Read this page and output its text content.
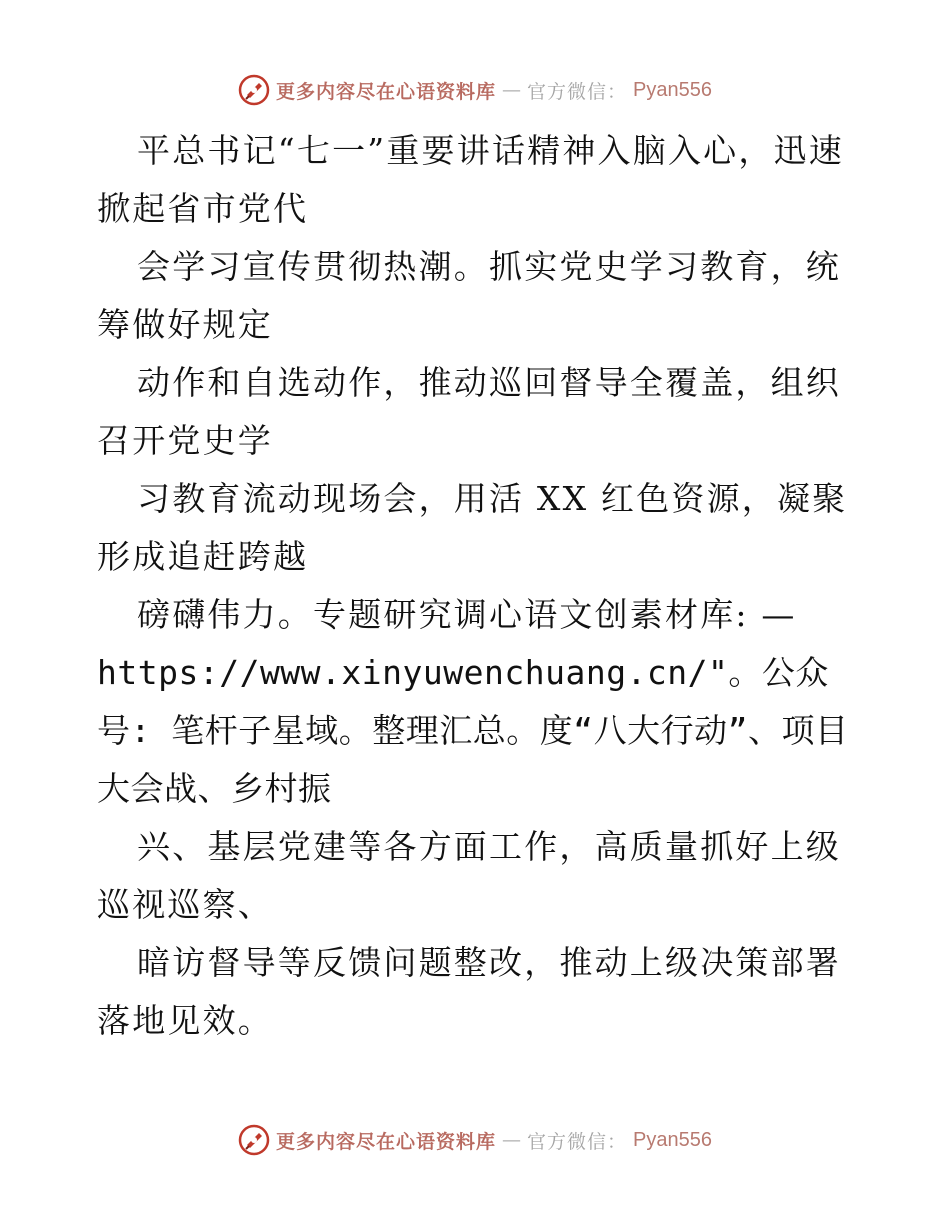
更多内容尽在心语资料库 — 官方微信： Pyan556

平总书记“七一”重要讲话精神入脑入心，迅速掀起省市党代

会学习宣传贯彻热潮。抓实党史学习教育，统筹做好规定

动作和自选动作，推动巡回督导全覆盖，组织召开党史学

习教育流动现场会，用活 XX 红色资源，凝聚形成追赶跨越

磅礴伟力。专题研究调心语文创素材库: —

https://www.xinyuwenchuang.cn/"。公众号: 笔杆子星域。整理汇总。度“八大行动”、项目大会战、乡村振

兴、基层党建等各方面工作，高质量抓好上级巡视巡察、

暗访督导等反馈问题整改，推动上级决策部署落地见效。

更多内容尽在心语资料库 — 官方微信： Pyan556
